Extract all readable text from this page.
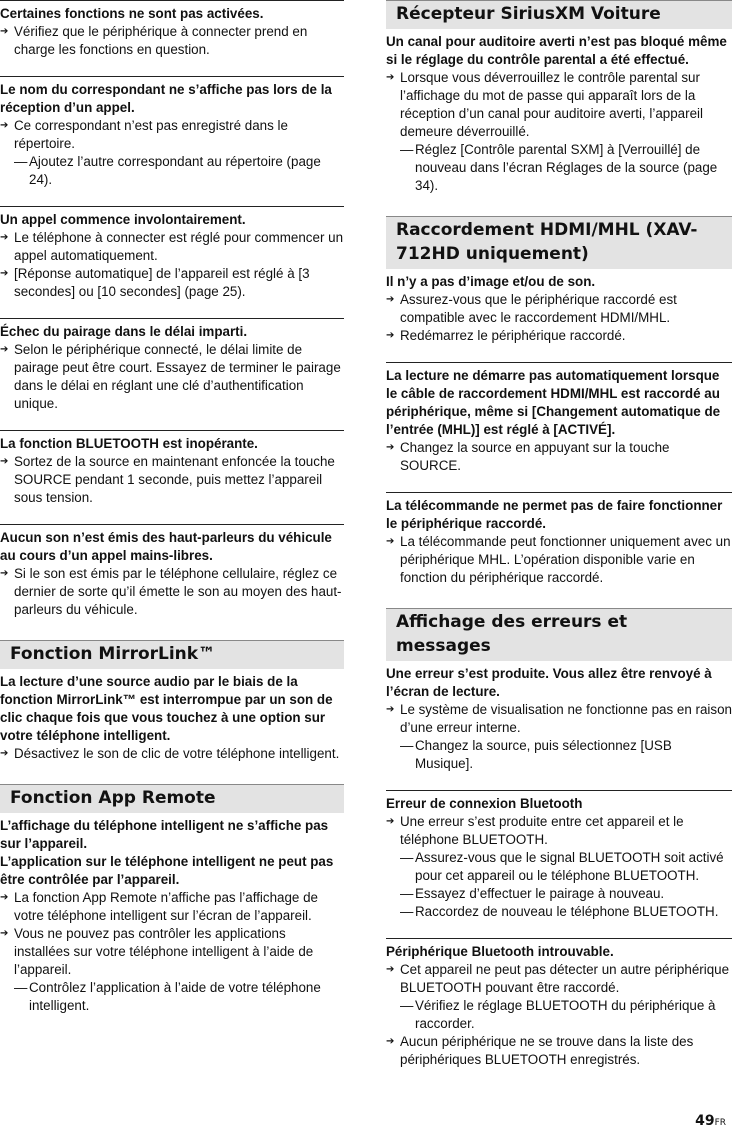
Certaines fonctions ne sont pas activées.

➔ Vérifiez que le périphérique à connecter prend en charge les fonctions en question.

Le nom du correspondant ne s’affiche pas lors de la réception d’un appel.

➔ Ce correspondant n’est pas enregistré dans le répertoire.

— Ajoutez l’autre correspondant au répertoire (page 24).

Un appel commence involontairement.

➔ Le téléphone à connecter est réglé pour commencer un appel automatiquement.

➔ [Réponse automatique] de l’appareil est réglé à [3 secondes] ou [10 secondes] (page 25).

Échec du pairage dans le délai imparti.

➔ Selon le périphérique connecté, le délai limite de pairage peut être court. Essayez de terminer le pairage dans le délai en réglant une clé d’authentification unique.

La fonction BLUETOOTH est inopérante.

➔ Sortez de la source en maintenant enfoncée la touche SOURCE pendant 1 seconde, puis mettez l’appareil sous tension.

Aucun son n’est émis des haut-parleurs du véhicule au cours d’un appel mains-libres.

➔ Si le son est émis par le téléphone cellulaire, réglez ce dernier de sorte qu’il émette le son au moyen des haut-parleurs du véhicule.

Fonction MirrorLink™

La lecture d’une source audio par le biais de la fonction MirrorLink™ est interrompue par un son de clic chaque fois que vous touchez à une option sur votre téléphone intelligent.

➔ Désactivez le son de clic de votre téléphone intelligent.

Fonction App Remote

L’affichage du téléphone intelligent ne s’affiche pas sur l’appareil.

L’application sur le téléphone intelligent ne peut pas être contrôlée par l’appareil.

➔ La fonction App Remote n’affiche pas l’affichage de votre téléphone intelligent sur l’écran de l’appareil.

➔ Vous ne pouvez pas contrôler les applications installées sur votre téléphone intelligent à l’aide de l’appareil.

— Contrôlez l’application à l’aide de votre téléphone intelligent.

Récepteur SiriusXM Voiture

Un canal pour auditoire averti n’est pas bloqué même si le réglage du contrôle parental a été effectué.

➔ Lorsque vous déverrouillez le contrôle parental sur l’affichage du mot de passe qui apparaît lors de la réception d’un canal pour auditoire averti, l’appareil demeure déverrouillé.

— Réglez [Contrôle parental SXM] à [Verrouillé] de nouveau dans l’écran Réglages de la source (page 34).

Raccordement HDMI/MHL (XAV-712HD uniquement)

Il n’y a pas d’image et/ou de son.

➔ Assurez-vous que le périphérique raccordé est compatible avec le raccordement HDMI/MHL.

➔ Redémarrez le périphérique raccordé.

La lecture ne démarre pas automatiquement lorsque le câble de raccordement HDMI/MHL est raccordé au périphérique, même si [Changement automatique de l’entrée (MHL)] est réglé à [ACTIVÉ].

➔ Changez la source en appuyant sur la touche SOURCE.

La télécommande ne permet pas de faire fonctionner le périphérique raccordé.

➔ La télécommande peut fonctionner uniquement avec un périphérique MHL. L’opération disponible varie en fonction du périphérique raccordé.

Affichage des erreurs et messages

Une erreur s’est produite. Vous allez être renvoyé à l’écran de lecture.

➔ Le système de visualisation ne fonctionne pas en raison d’une erreur interne.

— Changez la source, puis sélectionnez [USB Musique].

Erreur de connexion Bluetooth

➔ Une erreur s’est produite entre cet appareil et le téléphone BLUETOOTH.

— Assurez-vous que le signal BLUETOOTH soit activé pour cet appareil ou le téléphone BLUETOOTH.

— Essayez d’effectuer le pairage à nouveau.

— Raccordez de nouveau le téléphone BLUETOOTH.

Périphérique Bluetooth introuvable.

➔ Cet appareil ne peut pas détecter un autre périphérique BLUETOOTH pouvant être raccordé.

— Vérifiez le réglage BLUETOOTH du périphérique à raccorder.

➔ Aucun périphérique ne se trouve dans la liste des périphériques BLUETOOTH enregistrés.

49FR
